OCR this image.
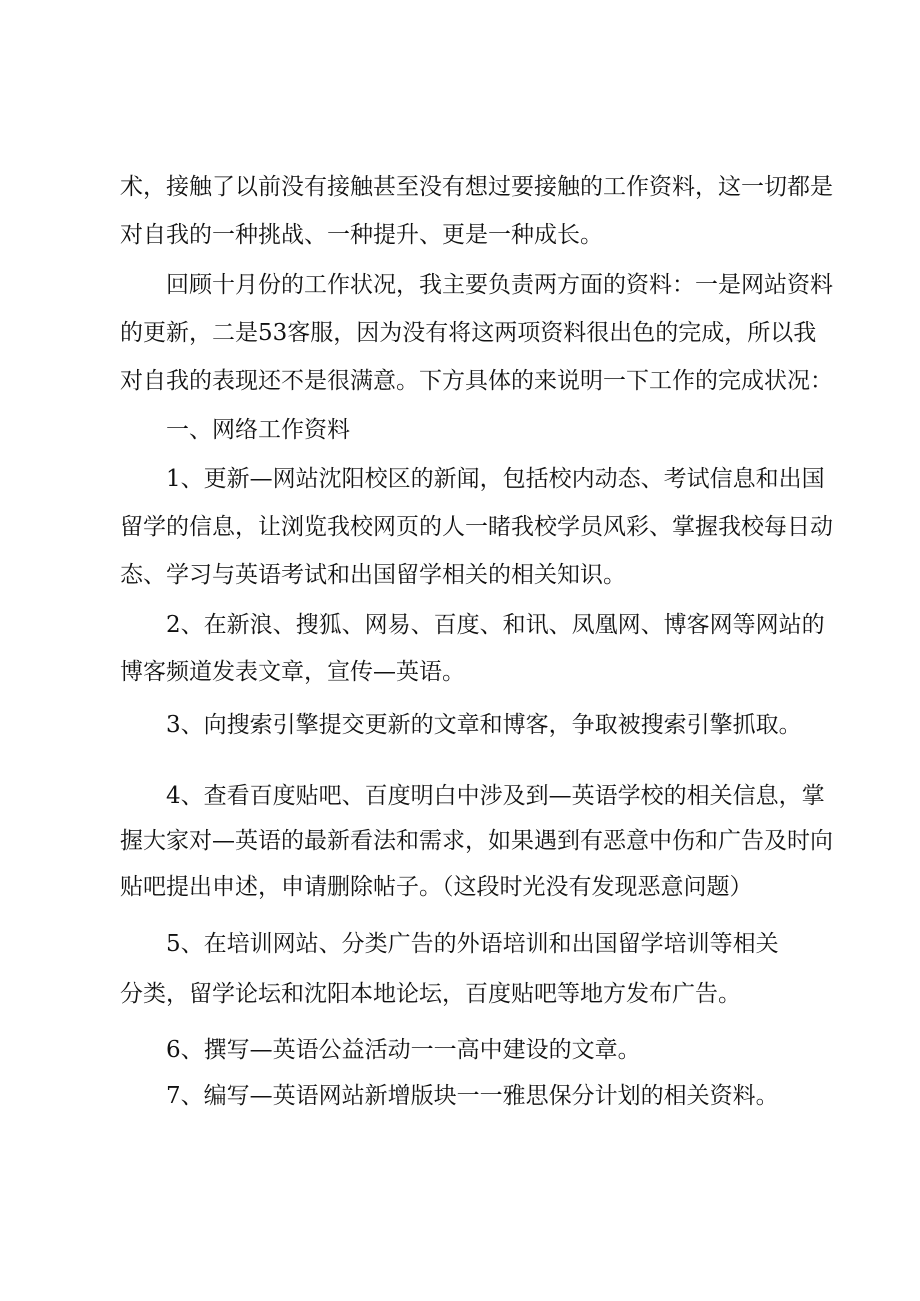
术，接触了以前没有接触甚至没有想过要接触的工作资料，这一切都是
对自我的一种挑战、一种提升、更是一种成长。
回顾十月份的工作状况，我主要负责两方面的资料：一是网站资料
的更新，二是53客服，因为没有将这两项资料很出色的完成，所以我
对自我的表现还不是很满意。下方具体的来说明一下工作的完成状况：
一、网络工作资料
1、更新—网站沈阳校区的新闻，包括校内动态、考试信息和出国
留学的信息，让浏览我校网页的人一睹我校学员风彩、掌握我校每日动
态、学习与英语考试和出国留学相关的相关知识。
2、在新浪、搜狐、网易、百度、和讯、凤凰网、博客网等网站的
博客频道发表文章，宣传—英语。
3、向搜索引擎提交更新的文章和博客，争取被搜索引擎抓取。
4、查看百度贴吧、百度明白中涉及到—英语学校的相关信息，掌
握大家对—英语的最新看法和需求，如果遇到有恶意中伤和广告及时向
贴吧提出申述，申请删除帖子。（这段时光没有发现恶意问题）
5、在培训网站、分类广告的外语培训和出国留学培训等相关
分类，留学论坛和沈阳本地论坛，百度贴吧等地方发布广告。
6、撰写—英语公益活动一一高中建设的文章。
7、编写—英语网站新增版块一一雅思保分计划的相关资料。
